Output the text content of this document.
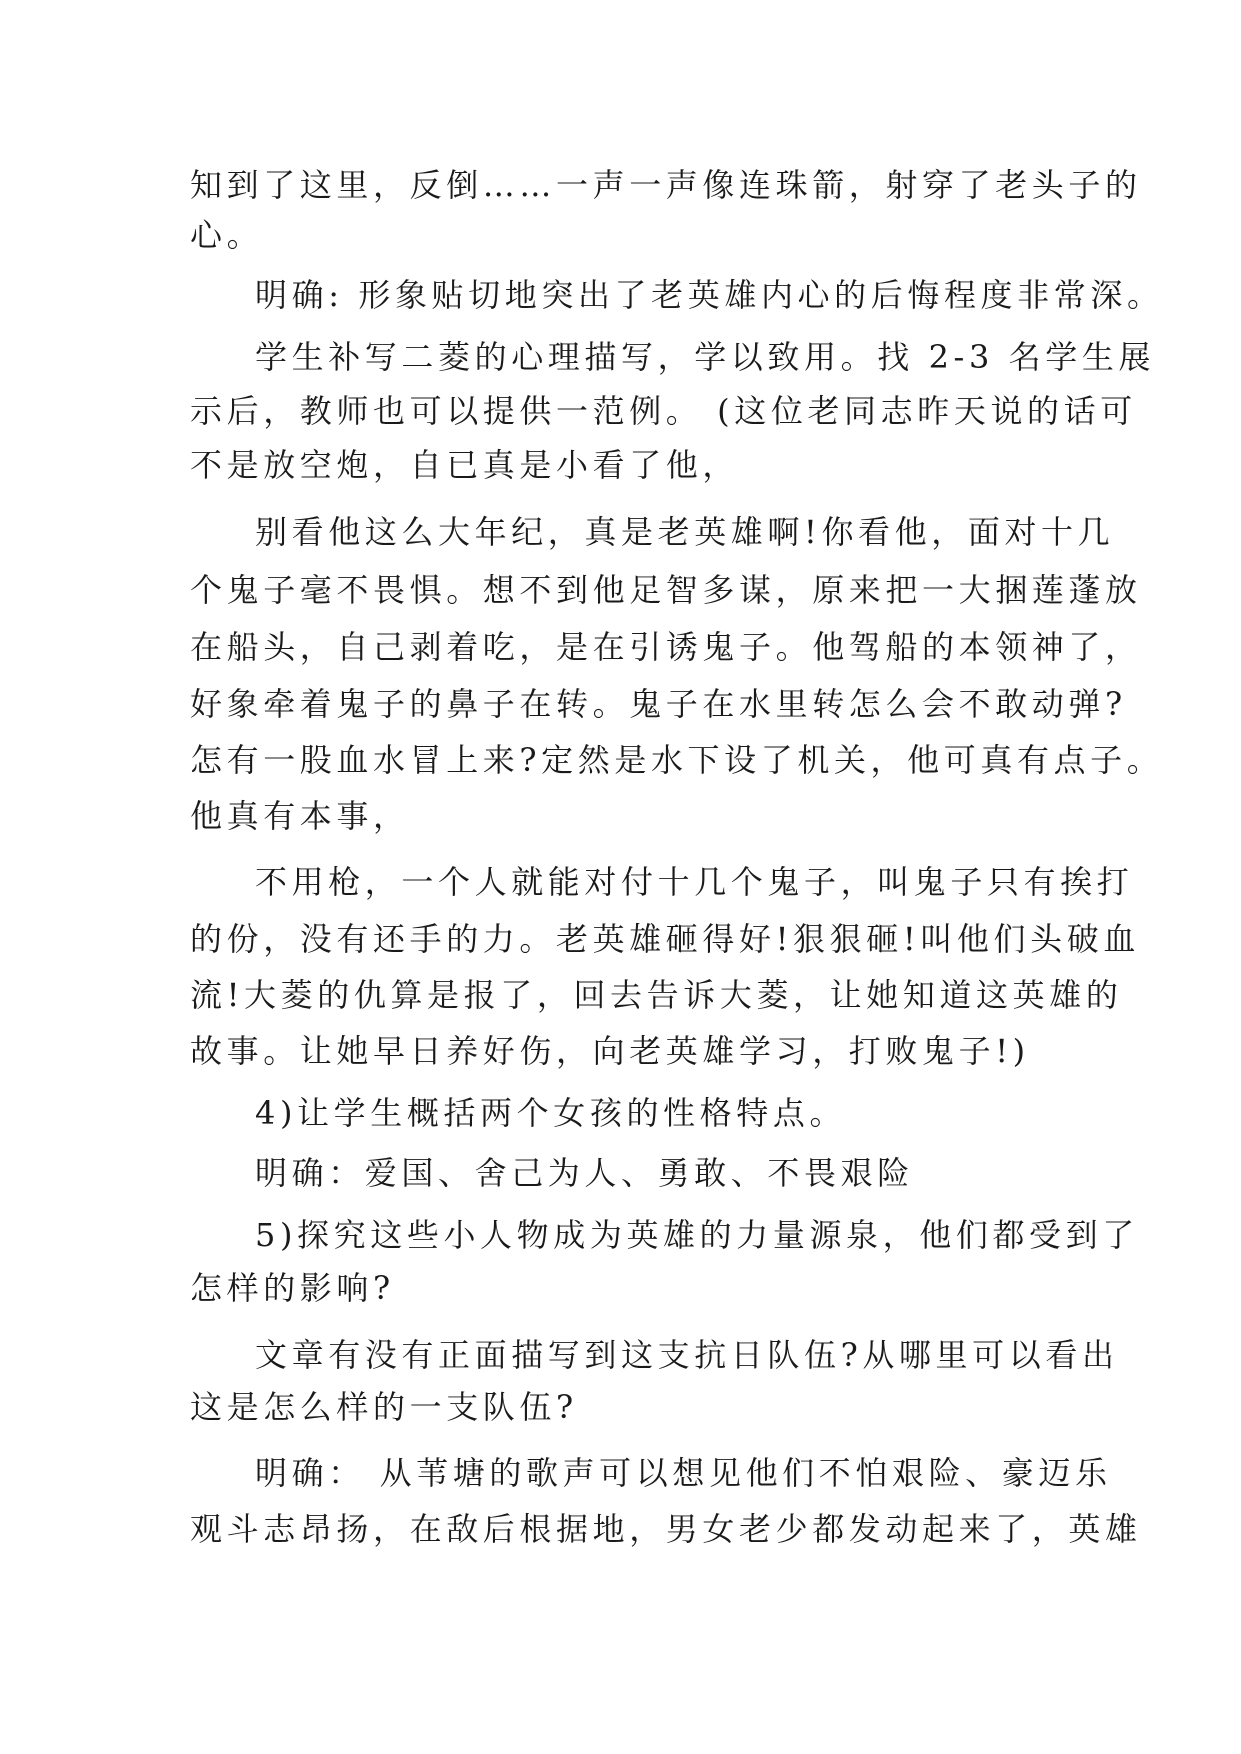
知到了这里，反倒……一声一声像连珠箭，射穿了老头子的
心。
明确: 形象贴切地突出了老英雄内心的后悔程度非常深。
学生补写二菱的心理描写，学以致用。找 2-3 名学生展
示后，教师也可以提供一范例。 (这位老同志昨天说的话可
不是放空炮，自已真是小看了他，
别看他这么大年纪，真是老英雄啊!你看他，面对十几
个鬼子毫不畏惧。想不到他足智多谋，原来把一大捆莲蓬放
在船头，自己剥着吃，是在引诱鬼子。他驾船的本领神了，
好象牵着鬼子的鼻子在转。鬼子在水里转怎么会不敢动弹?
怎有一股血水冒上来?定然是水下设了机关，他可真有点子。
他真有本事，
不用枪，一个人就能对付十几个鬼子，叫鬼子只有挨打
的份，没有还手的力。老英雄砸得好!狠狠砸!叫他们头破血
流!大菱的仇算是报了，回去告诉大菱，让她知道这英雄的
故事。让她早日养好伤，向老英雄学习，打败鬼子!)
4)让学生概括两个女孩的性格特点。
明确：爱国、舍己为人、勇敢、不畏艰险
5)探究这些小人物成为英雄的力量源泉，他们都受到了
怎样的影响?
文章有没有正面描写到这支抗日队伍?从哪里可以看出
这是怎么样的一支队伍?
明确： 从苇塘的歌声可以想见他们不怕艰险、豪迈乐
观斗志昂扬，在敌后根据地，男女老少都发动起来了，英雄
